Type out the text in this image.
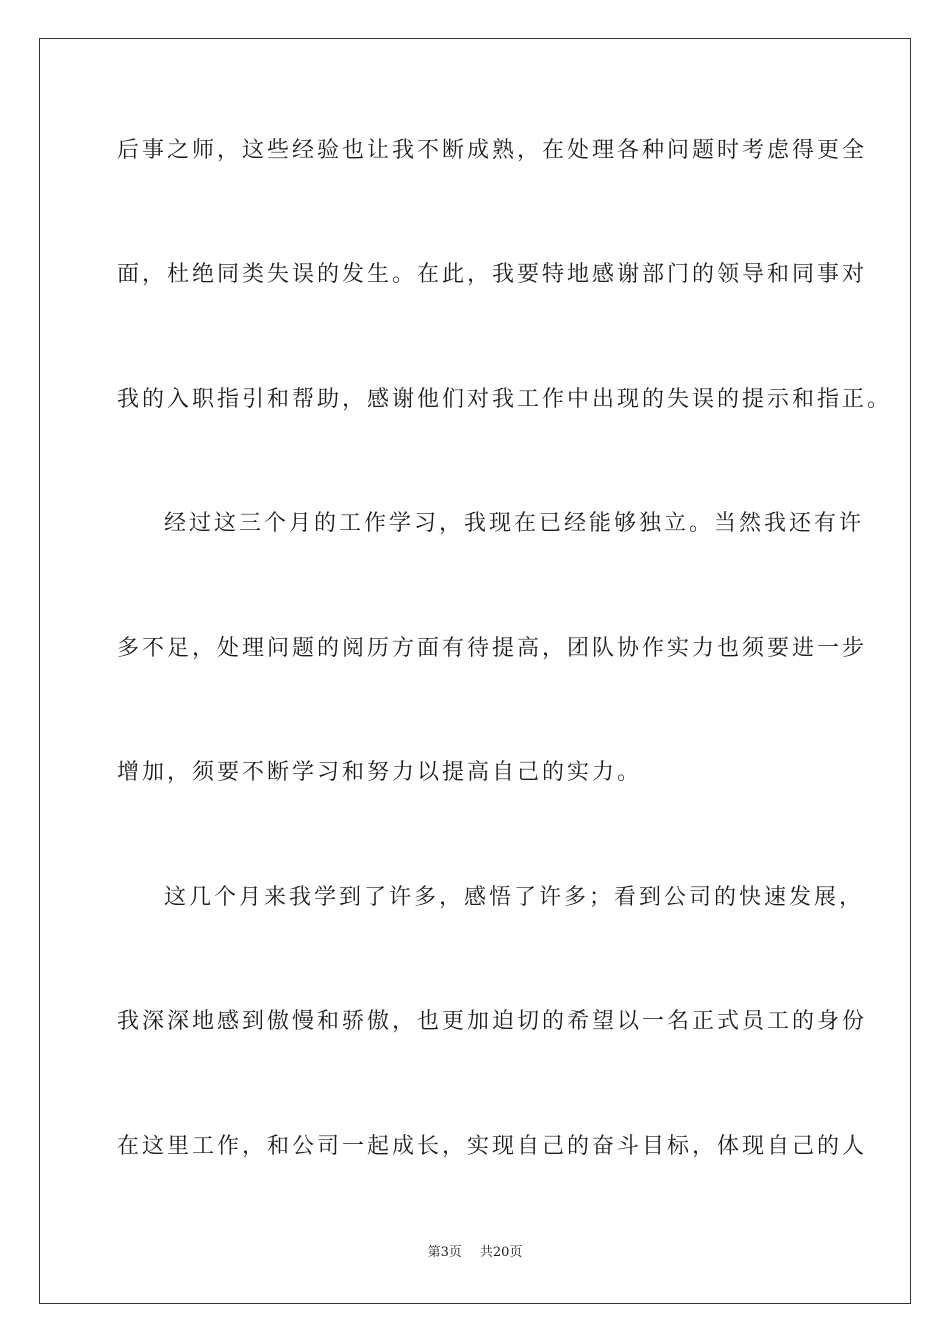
后事之师，这些经验也让我不断成熟，在处理各种问题时考虑得更全
面，杜绝同类失误的发生。在此，我要特地感谢部门的领导和同事对
我的入职指引和帮助，感谢他们对我工作中出现的失误的提示和指正。
经过这三个月的工作学习，我现在已经能够独立。当然我还有许
多不足，处理问题的阅历方面有待提高，团队协作实力也须要进一步
增加，须要不断学习和努力以提高自己的实力。
这几个月来我学到了许多，感悟了许多；看到公司的快速发展，
我深深地感到傲慢和骄傲，也更加迫切的希望以一名正式员工的身份
在这里工作，和公司一起成长，实现自己的奋斗目标，体现自己的人
第3页 共20页
